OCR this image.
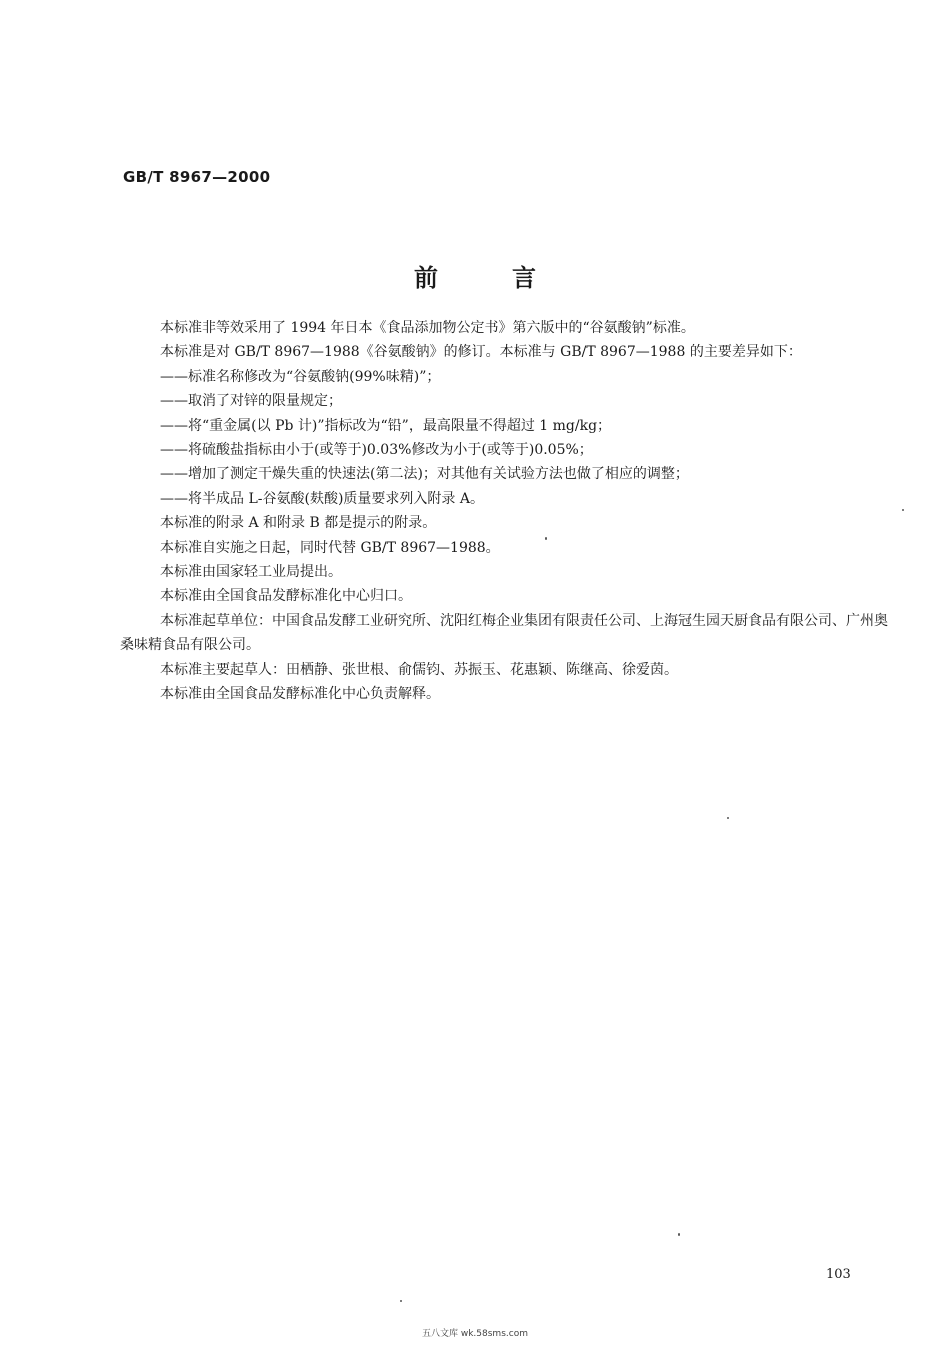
GB/T 8967—2000
前言

本标准非等效采用了 1994 年日本《食品添加物公定书》第六版中的“谷氨酸钠”标准。

本标准是对 GB/T 8967—1988《谷氨酸钠》的修订。本标准与 GB/T 8967—1988 的主要差异如下：

——标准名称修改为“谷氨酸钠(99%味精)”；

——取消了对锌的限量规定；

——将“重金属(以 Pb 计)”指标改为“铅”，最高限量不得超过 1 mg/kg；

——将硫酸盐指标由小于(或等于)0.03%修改为小于(或等于)0.05%；

——增加了测定干燥失重的快速法(第二法)；对其他有关试验方法也做了相应的调整；

——将半成品 L-谷氨酸(麸酸)质量要求列入附录 A。

本标准的附录 A 和附录 B 都是提示的附录。

本标准自实施之日起，同时代替 GB/T 8967—1988。

本标准由国家轻工业局提出。

本标准由全国食品发酵标准化中心归口。

本标准起草单位：中国食品发酵工业研究所、沈阳红梅企业集团有限责任公司、上海冠生园天厨食品有限公司、广州奥桑味精食品有限公司。

本标准主要起草人：田栖静、张世根、俞儒钧、苏振玉、花惠颖、陈继高、徐爱茵。

本标准由全国食品发酵标准化中心负责解释。

103
五八文库 wk.58sms.com
